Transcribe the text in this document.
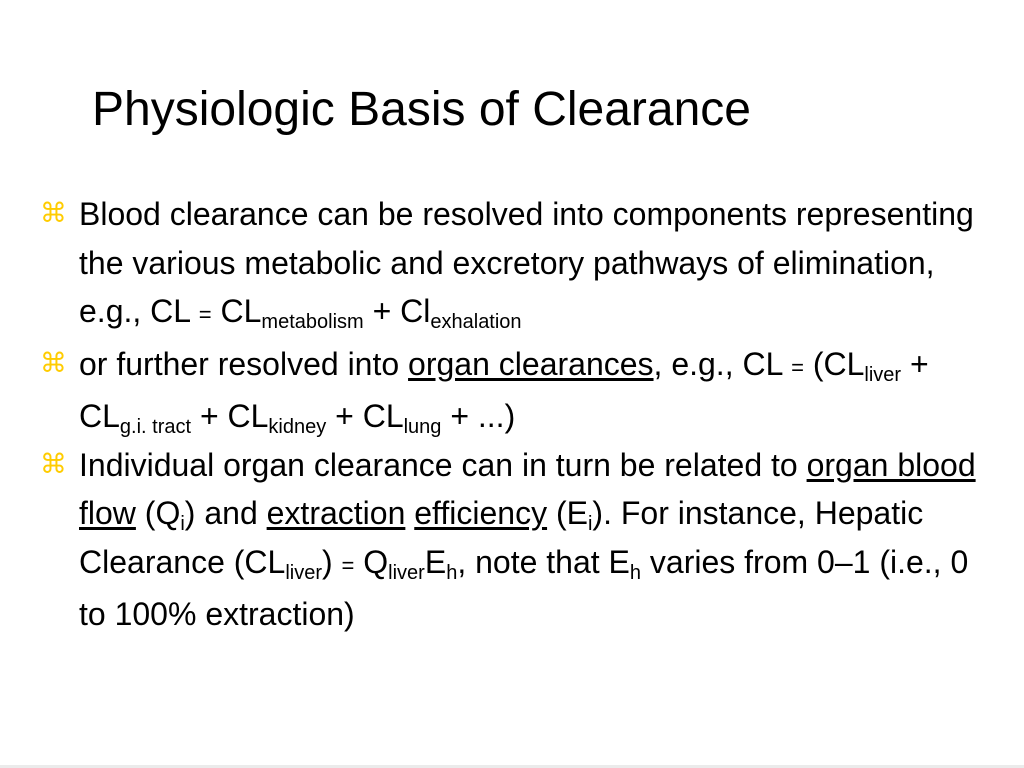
Physiologic Basis of Clearance
⌘ Blood clearance can be resolved into components representing the various metabolic and excretory pathways of elimination, e.g., CL = $CL_{metabolism} + Cl_{exhalation}$
⌘ or further resolved into organ clearances, e.g., CL = ($CL_{liver} + CL_{g.i. tract} + CL_{kidney} + CL_{lung}$ + ...)
⌘ Individual organ clearance can in turn be related to organ blood flow $(Q_i)$ and extraction efficiency $(E_i)$. For instance, Hepatic Clearance $(CL_{liver}) = Q_{liver}E_h$, note that $E_h$ varies from 0–1 (i.e., 0 to 100% extraction)
